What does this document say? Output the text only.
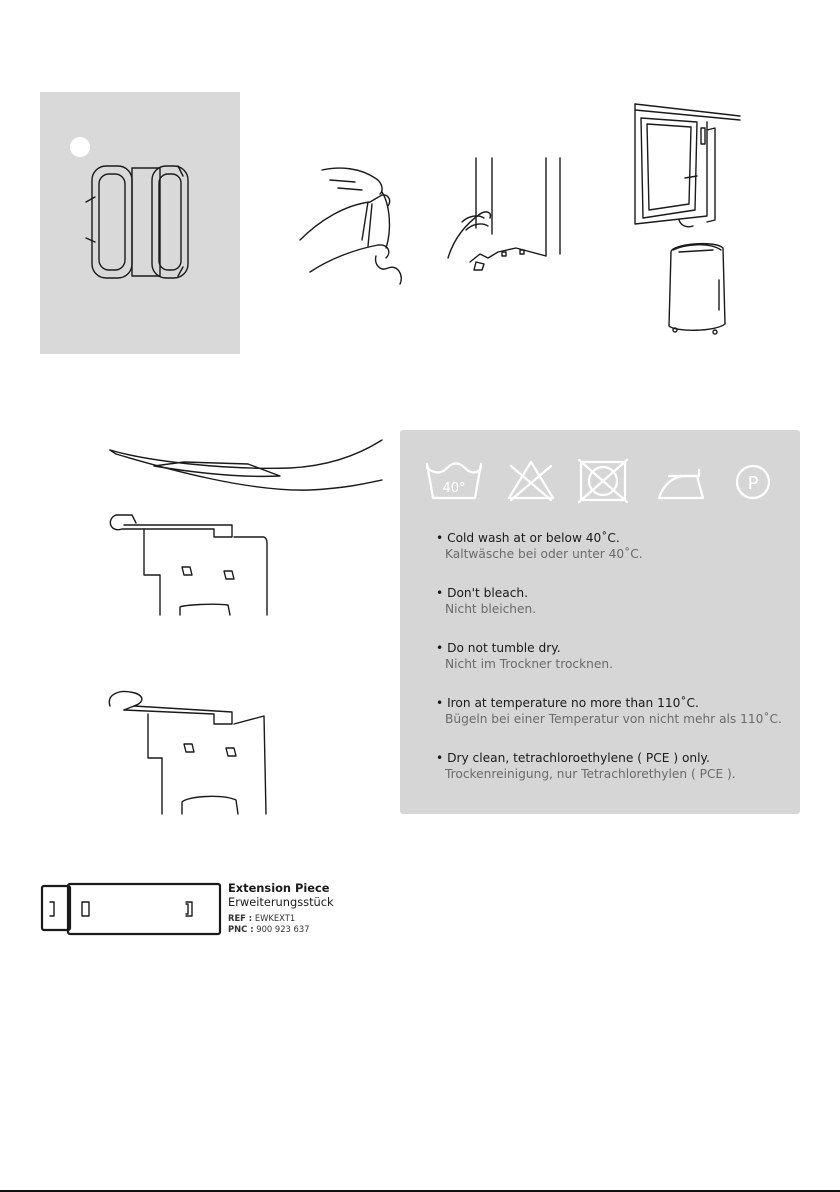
40°	P
• Cold wash at or below 40˚C.
Kaltwäsche bei oder unter 40˚C.
• Don't bleach.
Nicht bleichen.
• Do not tumble dry.
Nicht im Trockner trocknen.
• Iron at temperature no more than 110˚C.
Bügeln bei einer Temperatur von nicht mehr als 110˚C.
• Dry clean, tetrachloroethylene ( PCE ) only.
Trockenreinigung, nur Tetrachlorethylen ( PCE ).
Extension Piece
Erweiterungsstück
REF : EWKEXT1
PNC : 900 923 637
